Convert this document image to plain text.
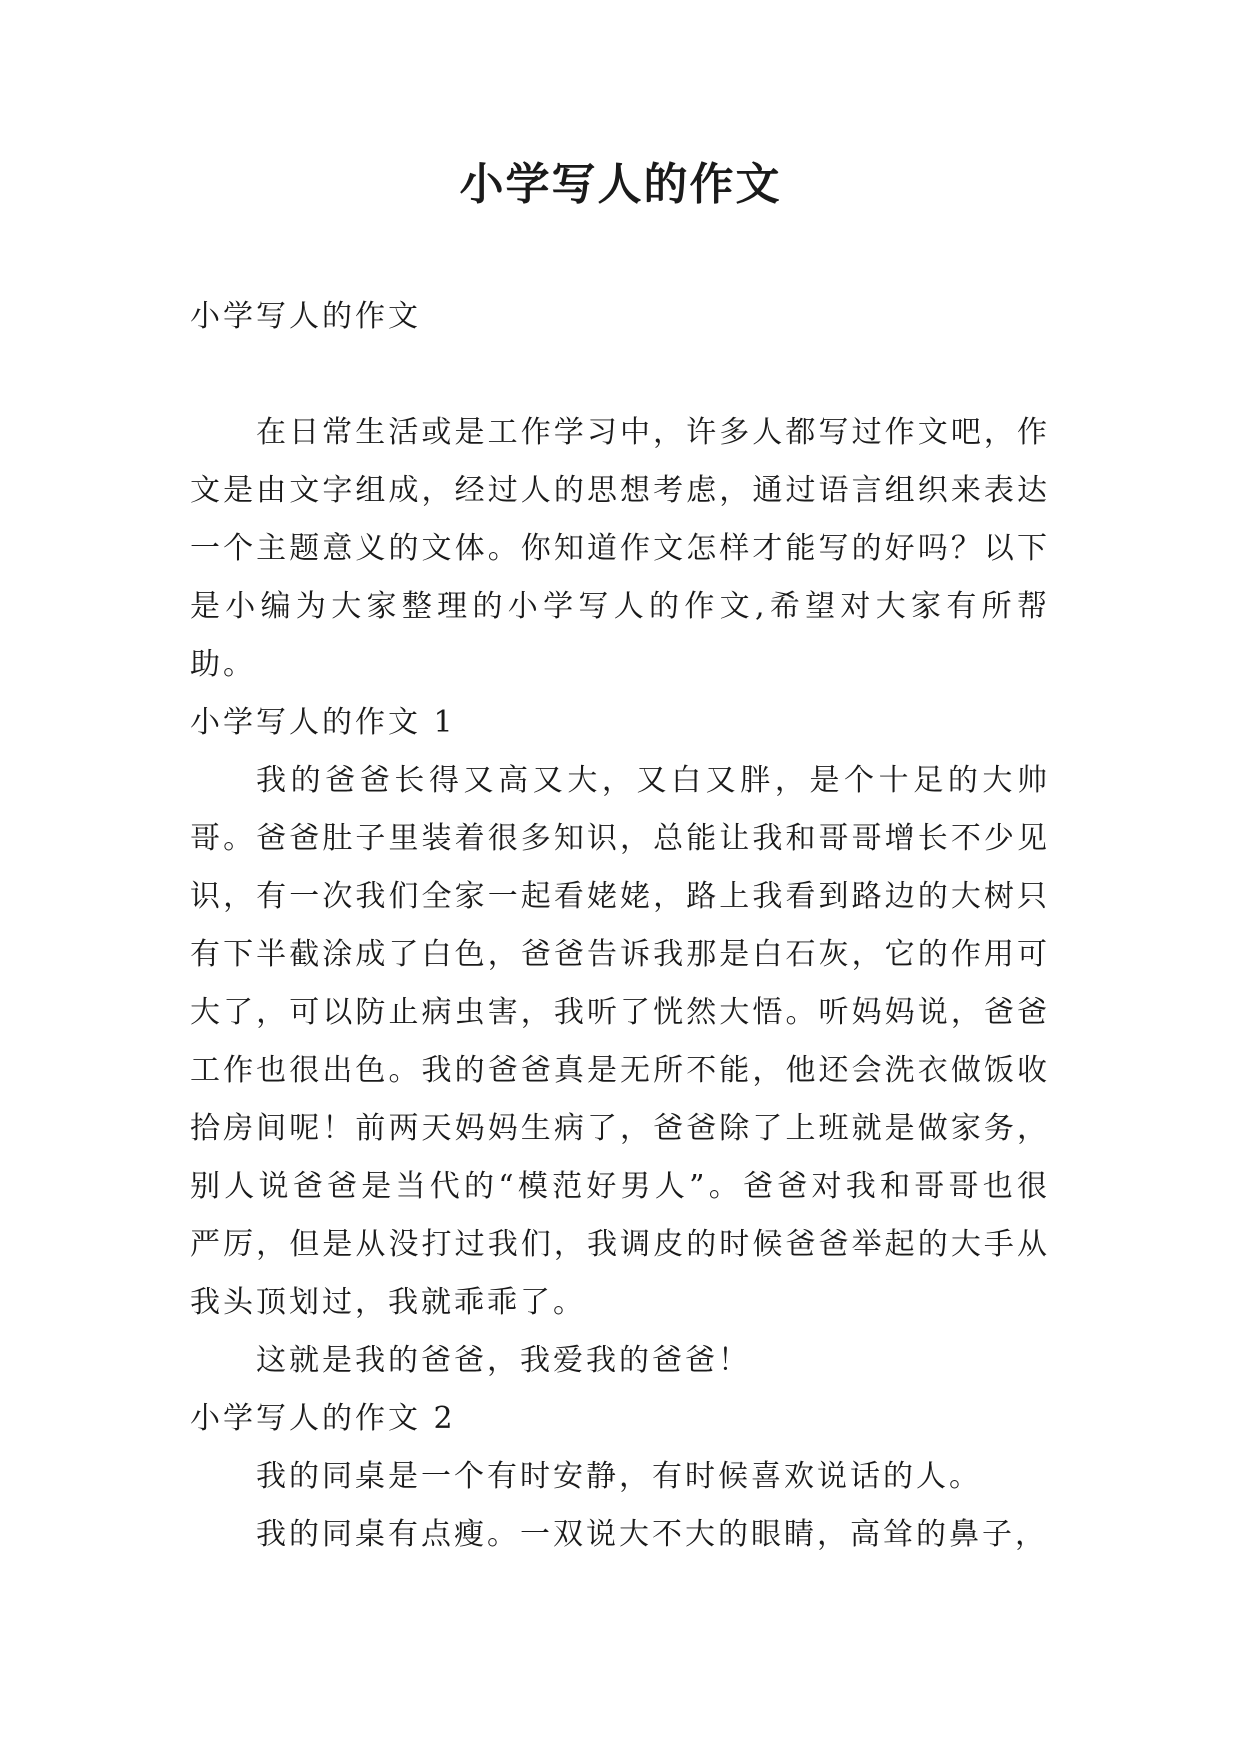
小学写人的作文
小学写人的作文

在日常生活或是工作学习中，许多人都写过作文吧，作文是由文字组成，经过人的思想考虑，通过语言组织来表达一个主题意义的文体。你知道作文怎样才能写的好吗？以下是小编为大家整理的小学写人的作文,希望对大家有所帮助。

小学写人的作文 1

我的爸爸长得又高又大，又白又胖，是个十足的大帅哥。爸爸肚子里装着很多知识，总能让我和哥哥增长不少见识，有一次我们全家一起看姥姥，路上我看到路边的大树只有下半截涂成了白色，爸爸告诉我那是白石灰，它的作用可大了，可以防止病虫害，我听了恍然大悟。听妈妈说，爸爸工作也很出色。我的爸爸真是无所不能，他还会洗衣做饭收拾房间呢！前两天妈妈生病了，爸爸除了上班就是做家务，别人说爸爸是当代的“模范好男人”。爸爸对我和哥哥也很严厉，但是从没打过我们，我调皮的时候爸爸举起的大手从我头顶划过，我就乖乖了。

这就是我的爸爸，我爱我的爸爸！

小学写人的作文 2

我的同桌是一个有时安静，有时候喜欢说话的人。

我的同桌有点瘦。一双说大不大的眼睛，高耸的鼻子，
